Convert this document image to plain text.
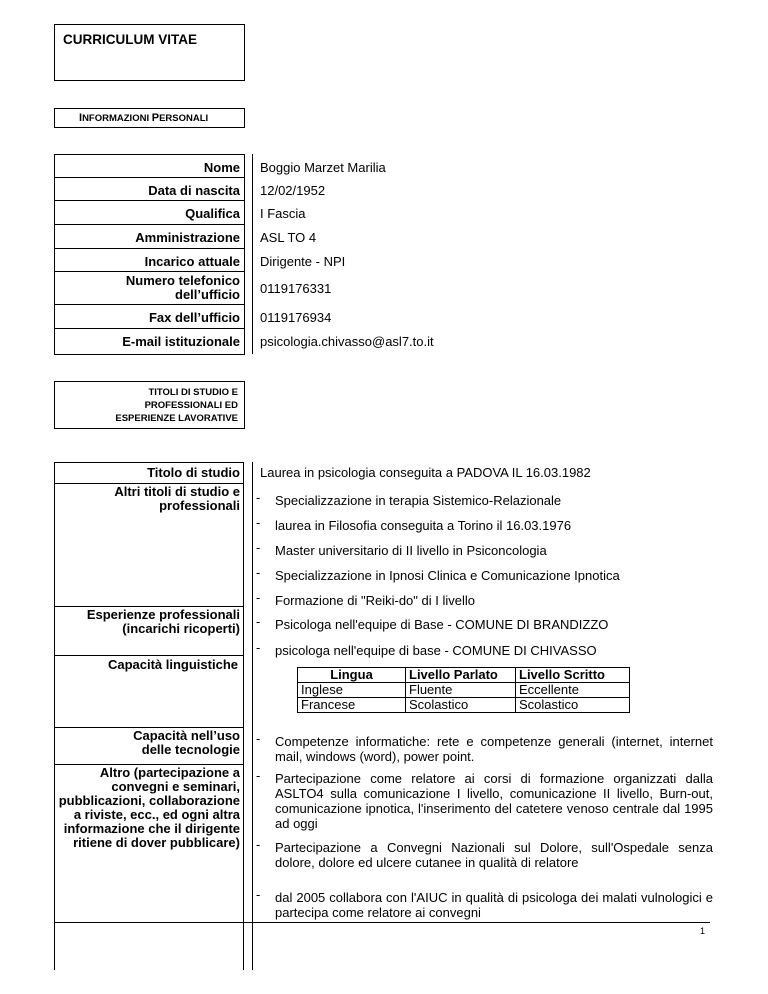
CURRICULUM VITAE
INFORMAZIONI PERSONALI
Nome Boggio Marzet Marilia
Data di nascita 12/02/1952
Qualifica I Fascia
Amministrazione ASL TO 4
Incarico attuale Dirigente - NPI
Numero telefonico dell’ufficio 0119176331
Fax dell’ufficio 0119176934
E-mail istituzionale psicologia.chivasso@asl7.to.it
TITOLI DI STUDIO E
PROFESSIONALI ED
ESPERIENZE LAVORATIVE
Titolo di studio Laurea in psicologia conseguita a PADOVA IL 16.03.1982
Altri titoli di studio e professionali
- Specializzazione in terapia Sistemico-Relazionale
- laurea in Filosofia conseguita a Torino il 16.03.1976
- Master universitario di II livello in Psiconcologia
- Specializzazione in Ipnosi Clinica e Comunicazione Ipnotica
- Formazione di "Reiki-do" di I livello
Esperienze professionali (incarichi ricoperti) - Psicologa nell'equipe di Base - COMUNE DI BRANDIZZO
- psicologa nell'equipe di base - COMUNE DI CHIVASSO
Capacità linguistiche
Lingua	Livello Parlato	Livello Scritto
Inglese	Fluente	Eccellente
Francese	Scolastico	Scolastico
Capacità nell’uso delle tecnologie
- Competenze informatiche: rete e competenze generali (internet, internet mail, windows (word), power point.
Altro (partecipazione a convegni e seminari, pubblicazioni, collaborazione a riviste, ecc., ed ogni altra informazione che il dirigente ritiene di dover pubblicare)
- Partecipazione come relatore ai corsi di formazione organizzati dalla ASLTO4 sulla comunicazione I livello, comunicazione II livello, Burn-out, comunicazione ipnotica, l'inserimento del catetere venoso centrale dal 1995 ad oggi
- Partecipazione a Convegni Nazionali sul Dolore, sull'Ospedale senza dolore, dolore ed ulcere cutanee in qualità di relatore
- dal 2005 collabora con l'AIUC in qualità di psicologa dei malati vulnologici e partecipa come relatore ai convegni
1
